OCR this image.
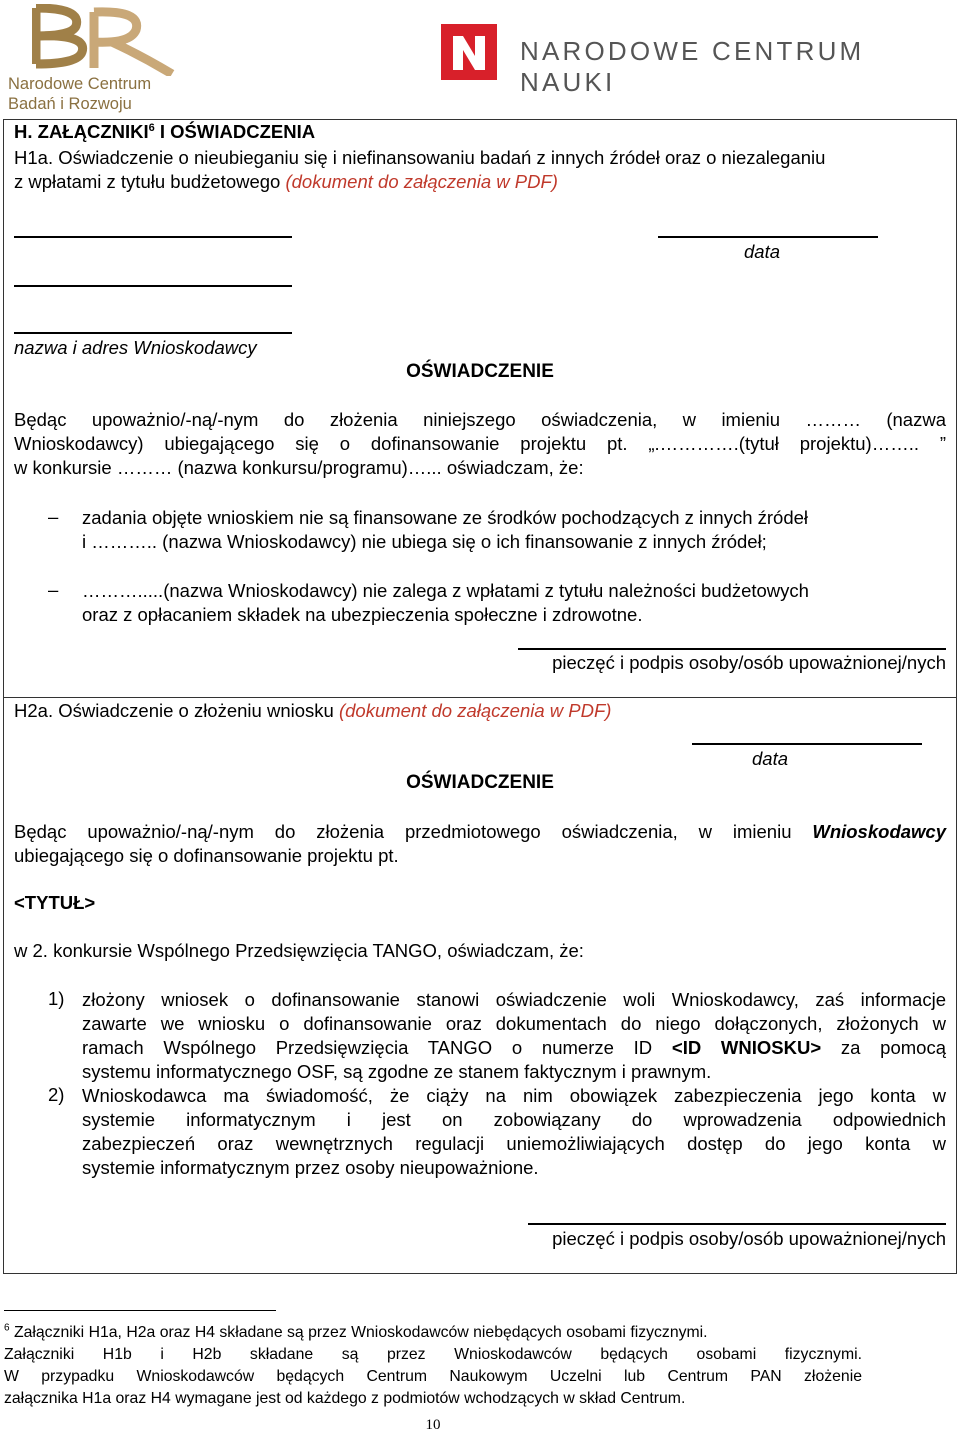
Narodowe Centrum
Badań i Rozwoju
NARODOWE CENTRUM NAUKI
H. ZAŁĄCZNIKI$^6$ I OŚWIADCZENIA
H1a. Oświadczenie o nieubieganiu się i niefinansowaniu badań z innych źródeł oraz o niezaleganiu
z wpłatami z tytułu budżetowego (dokument do załączenia w PDF)
data
nazwa i adres Wnioskodawcy
OŚWIADCZENIE
Będąc upoważnio/-ną/-nym do złożenia niniejszego oświadczenia, w imieniu ……… (nazwa
Wnioskodawcy) ubiegającego się o dofinansowanie projektu pt. „.………….(tytuł projektu)…….. ”
w konkursie ……… (nazwa konkursu/programu)…... oświadczam, że:
– zadania objęte wnioskiem nie są finansowane ze środków pochodzących z innych źródeł
i ……….. (nazwa Wnioskodawcy) nie ubiega się o ich finansowanie z innych źródeł;
– ……….....(nazwa Wnioskodawcy) nie zalega z wpłatami z tytułu należności budżetowych
oraz z opłacaniem składek na ubezpieczenia społeczne i zdrowotne.
pieczęć i podpis osoby/osób upoważnionej/nych
H2a. Oświadczenie o złożeniu wniosku (dokument do załączenia w PDF)
data
OŚWIADCZENIE
Będąc upoważnio/-ną/-nym do złożenia przedmiotowego oświadczenia, w imieniu Wnioskodawcy
ubiegającego się o dofinansowanie projektu pt.
<TYTUŁ>
w 2. konkursie Wspólnego Przedsięwzięcia TANGO, oświadczam, że:
1) złożony wniosek o dofinansowanie stanowi oświadczenie woli Wnioskodawcy, zaś informacje
zawarte we wniosku o dofinansowanie oraz dokumentach do niego dołączonych, złożonych w
ramach Wspólnego Przedsięwzięcia TANGO o numerze ID <ID WNIOSKU> za pomocą
systemu informatycznego OSF, są zgodne ze stanem faktycznym i prawnym.
2) Wnioskodawca ma świadomość, że ciąży na nim obowiązek zabezpieczenia jego konta w
systemie informatycznym i jest on zobowiązany do wprowadzenia odpowiednich
zabezpieczeń oraz wewnętrznych regulacji uniemożliwiających dostęp do jego konta w
systemie informatycznym przez osoby nieupoważnione.
pieczęć i podpis osoby/osób upoważnionej/nych
$^6$ Załączniki H1a, H2a oraz H4 składane są przez Wnioskodawców niebędących osobami fizycznymi.
Załączniki H1b i H2b składane są przez Wnioskodawców będących osobami fizycznymi.
W przypadku Wnioskodawców będących Centrum Naukowym Uczelni lub Centrum PAN złożenie
załącznika H1a oraz H4 wymagane jest od każdego z podmiotów wchodzących w skład Centrum.
10
